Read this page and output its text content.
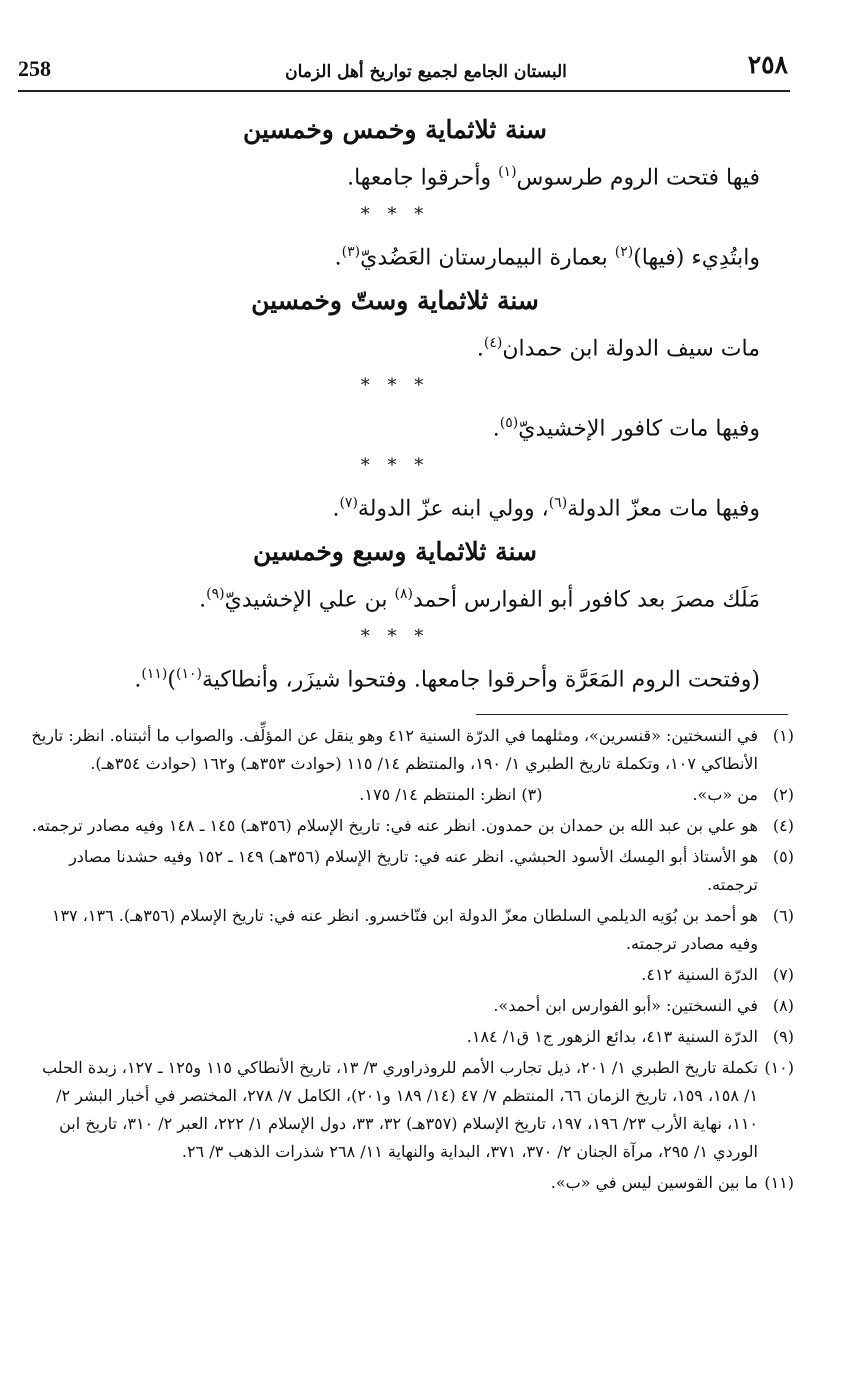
258	البستان الجامع لجميع تواريخ أهل الزمان	٢٥٨

سنة ثلاثماية وخمس وخمسين

فيها فتحت الروم طرسوس$^{(١)}$ وأحرقوا جامعها.

* * *

وابتُدِيء (فيها)$^{(٢)}$ بعمارة البيمارستان العَضُديّ$^{(٣)}$.

سنة ثلاثماية وستّ وخمسين

مات سيف الدولة ابن حمدان$^{(٤)}$.

* * *

وفيها مات كافور الإخشيديّ$^{(٥)}$.

* * *

وفيها مات معزّ الدولة$^{(٦)}$، وولي ابنه عزّ الدولة$^{(٧)}$.

سنة ثلاثماية وسبع وخمسين

مَلَك مصرَ بعد كافور أبو الفوارس أحمد$^{(٨)}$ بن علي الإخشيديّ$^{(٩)}$.

* * *

(وفتحت الروم المَعَرَّة وأحرقوا جامعها. وفتحوا شيزَر، وأنطاكية$^{(١٠)}$)$^{(١١)}$.

(١)
في النسختين: «قنسرين»، ومثلهما في الدرّة السنية ٤١٢ وهو ينقل عن المؤلِّف. والصواب ما أثبتناه. انظر: تاريخ الأنطاكي ١٠٧، وتكملة تاريخ الطبري ١/ ١٩٠، والمنتظم ١٤/ ١١٥ (حوادث ٣٥٣هـ) و١٦٢ (حوادث ٣٥٤هـ).

(٢)
من «ب».(٣) انظر: المنتظم ١٤/ ١٧٥.

(٤)
هو علي بن عبد الله بن حمدان بن حمدون. انظر عنه في: تاريخ الإسلام (٣٥٦هـ) ١٤٥ ـ ١٤٨ وفيه مصادر ترجمته.

(٥)
هو الأستاذ أبو المِسك الأسود الحبشي. انظر عنه في: تاريخ الإسلام (٣٥٦هـ) ١٤٩ ـ ١٥٢ وفيه حشدنا مصادر ترجمته.

(٦)
هو أحمد بن بُوَيه الديلمي السلطان معزّ الدولة ابن فنّاخسرو. انظر عنه في: تاريخ الإسلام (٣٥٦هـ). ١٣٦، ١٣٧ وفيه مصادر ترجمته.

(٧)
الدرّة السنية ٤١٢.

(٨)
في النسختين: «أبو الفوارس ابن أحمد».

(٩)
الدرّة السنية ٤١٣، بدائع الزهور ج١ ق١/ ١٨٤.

(١٠)
تكملة تاريخ الطبري ١/ ٢٠١، ذيل تجارب الأمم للروذراوري ٣/ ١٣، تاريخ الأنطاكي ١١٥ و١٢٥ ـ ١٢٧، زبدة الحلب ١/ ١٥٨، ١٥٩، تاريخ الزمان ٦٦، المنتظم ٧/ ٤٧ (١٤/ ١٨٩ و٢٠١)، الكامل ٧/ ٢٧٨، المختصر في أخبار البشر ٢/ ١١٠، نهاية الأرب ٢٣/ ١٩٦، ١٩٧، تاريخ الإسلام (٣٥٧هـ) ٣٢، ٣٣، دول الإسلام ١/ ٢٢٢، العبر ٢/ ٣١٠، تاريخ ابن الوردي ١/ ٢٩٥، مرآة الجنان ٢/ ٣٧٠، ٣٧١، البداية والنهاية ١١/ ٢٦٨ شذرات الذهب ٣/ ٢٦.

(١١)
ما بين القوسين ليس في «ب».
